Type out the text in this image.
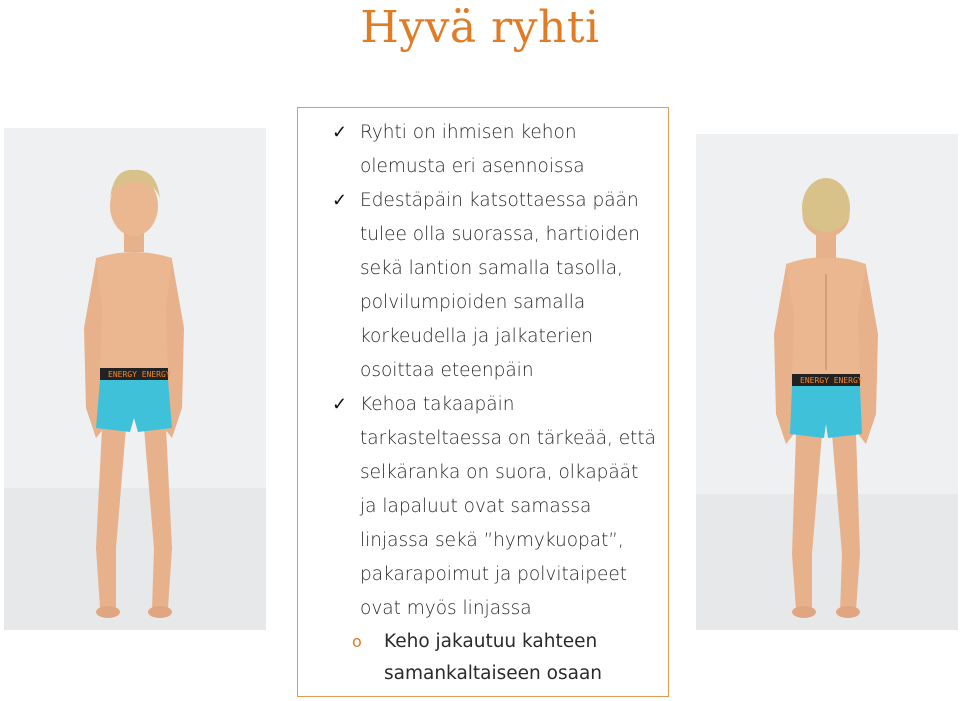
Hyvä ryhti
ENERGY ENERGY
✓ Ryhti on ihmisen kehon olemusta eri asennoissa
✓ Edestäpäin katsottaessa pään tulee olla suorassa, hartioiden sekä lantion samalla tasolla, polvilumpioiden samalla korkeudella ja jalkaterien osoittaa eteenpäin
✓ Kehoa takaapäin tarkasteltaessa on tärkeää, että selkäranka on suora, olkapäät ja lapaluut ovat samassa linjassa sekä ”hymykuopat”, pakarapoimut ja polvitaipeet ovat myös linjassa
o Keho jakautuu kahteen samankaltaiseen osaan
ENERGY ENERGY
